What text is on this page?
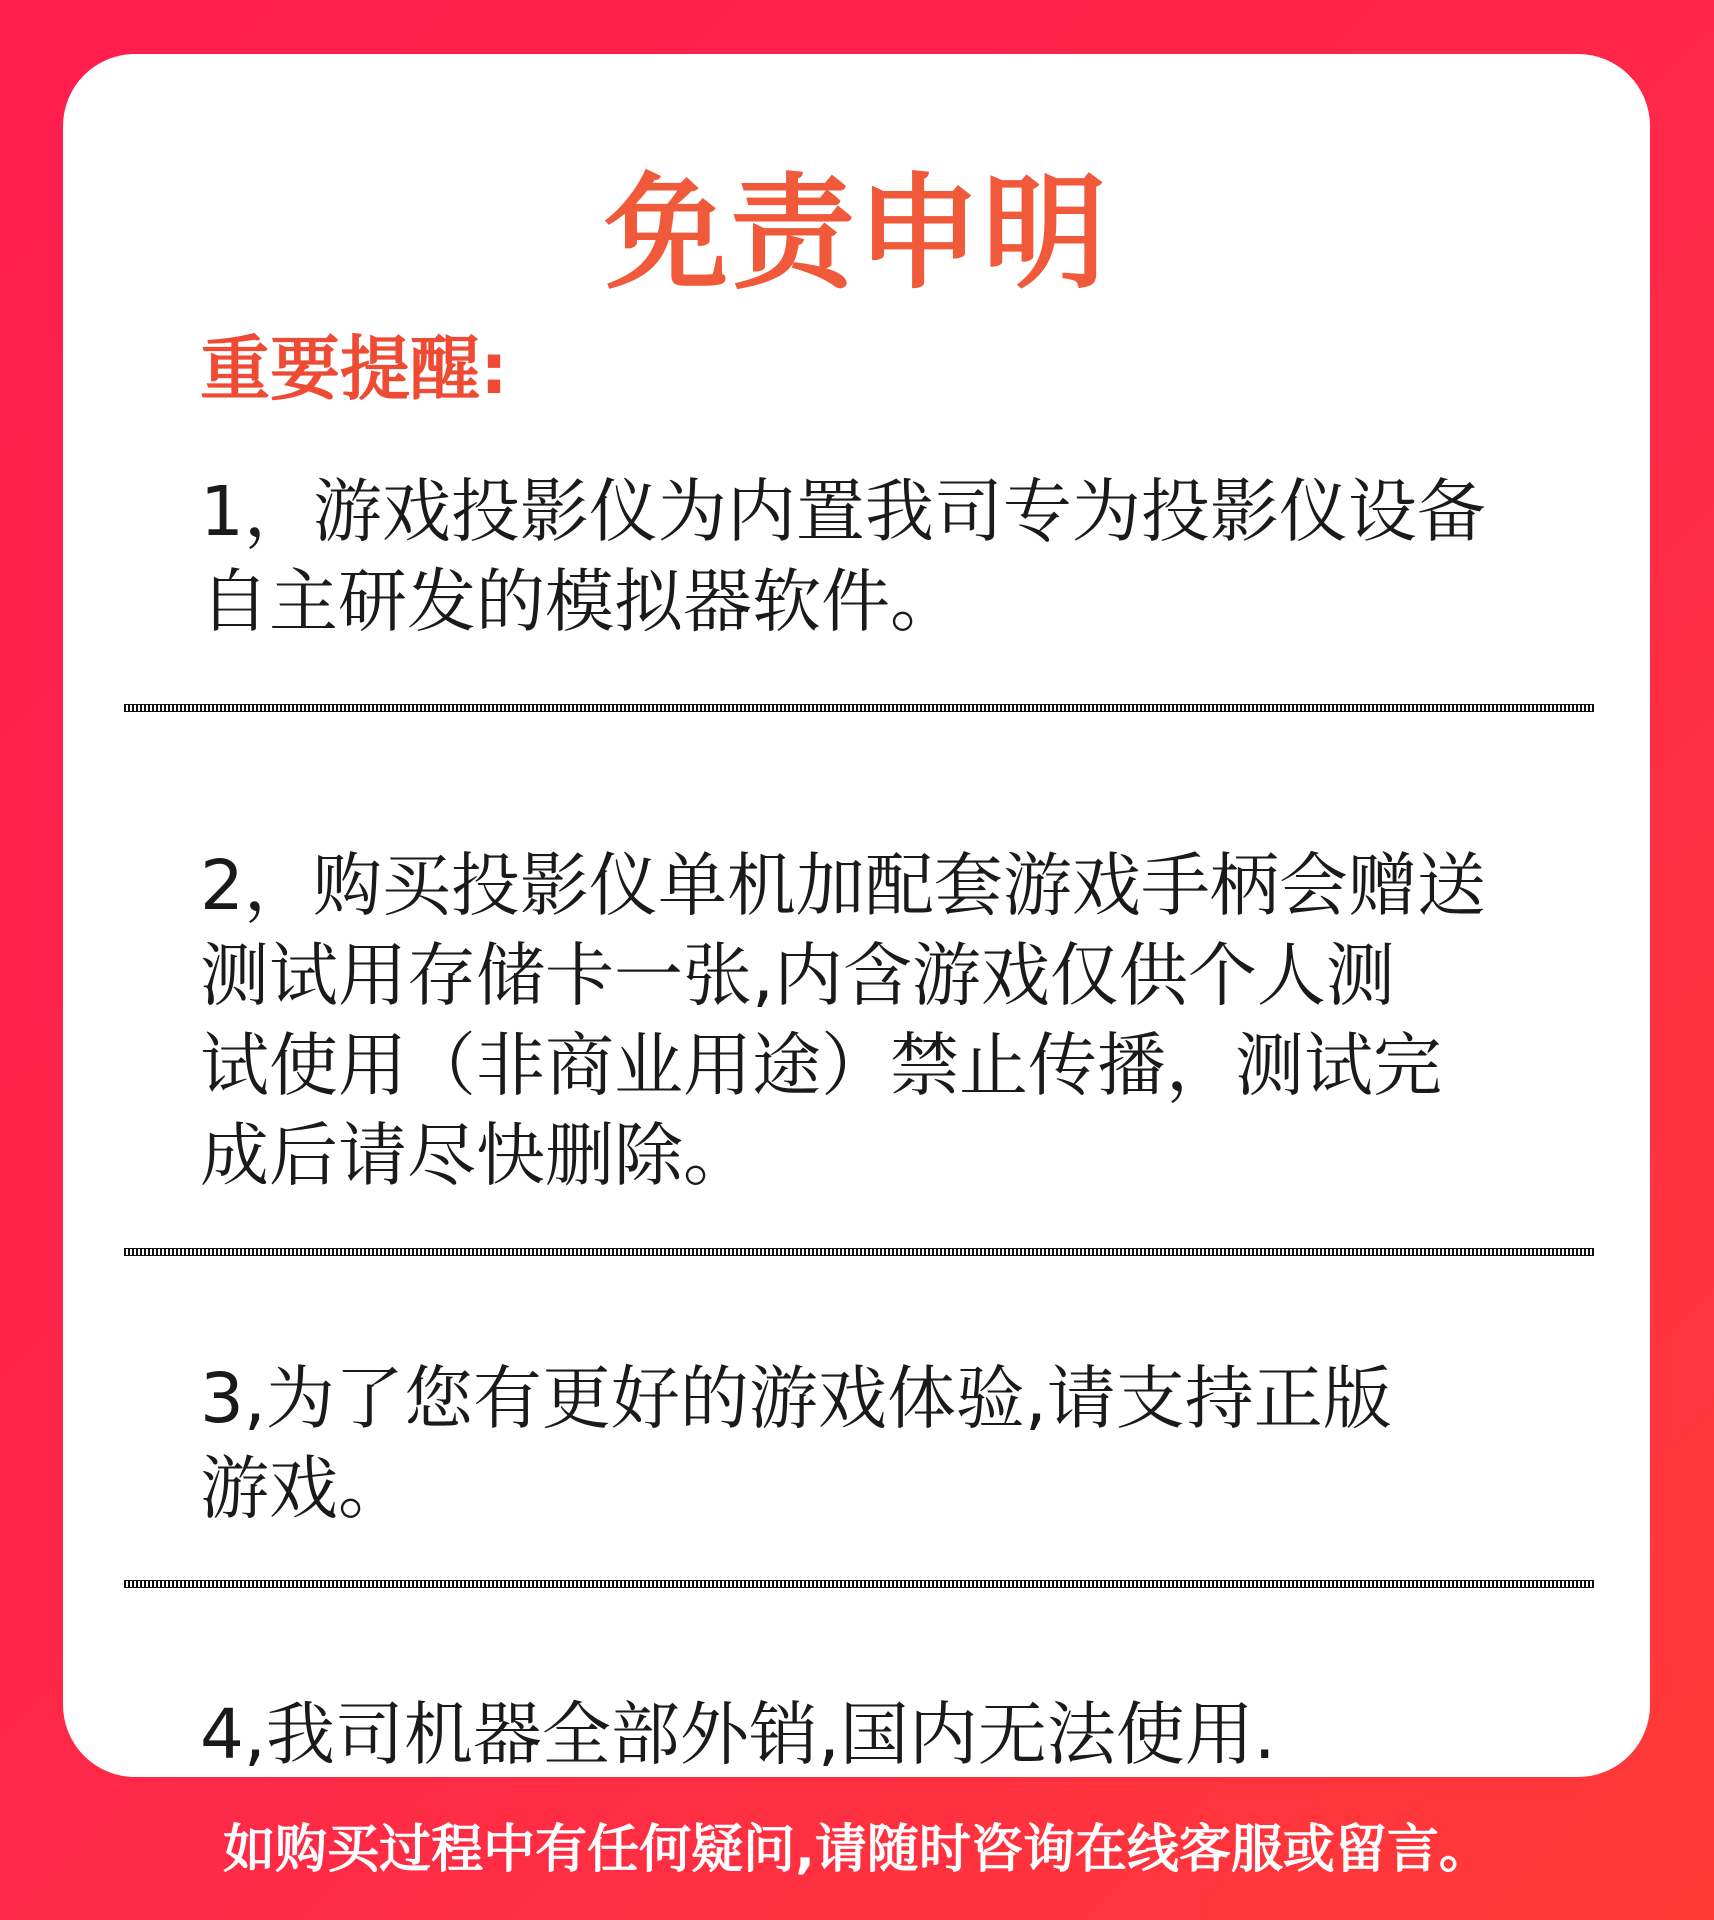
免责申明
重要提醒:

1，游戏投影仪为内置我司专为投影仪设备
自主研发的模拟器软件。

2，购买投影仪单机加配套游戏手柄会赠送
测试用存储卡一张,内含游戏仅供个人测
试使用（非商业用途）禁止传播，测试完
成后请尽快删除。

3,为了您有更好的游戏体验,请支持正版
游戏。

4,我司机器全部外销,国内无法使用.

如购买过程中有任何疑问,请随时咨询在线客服或留言。
